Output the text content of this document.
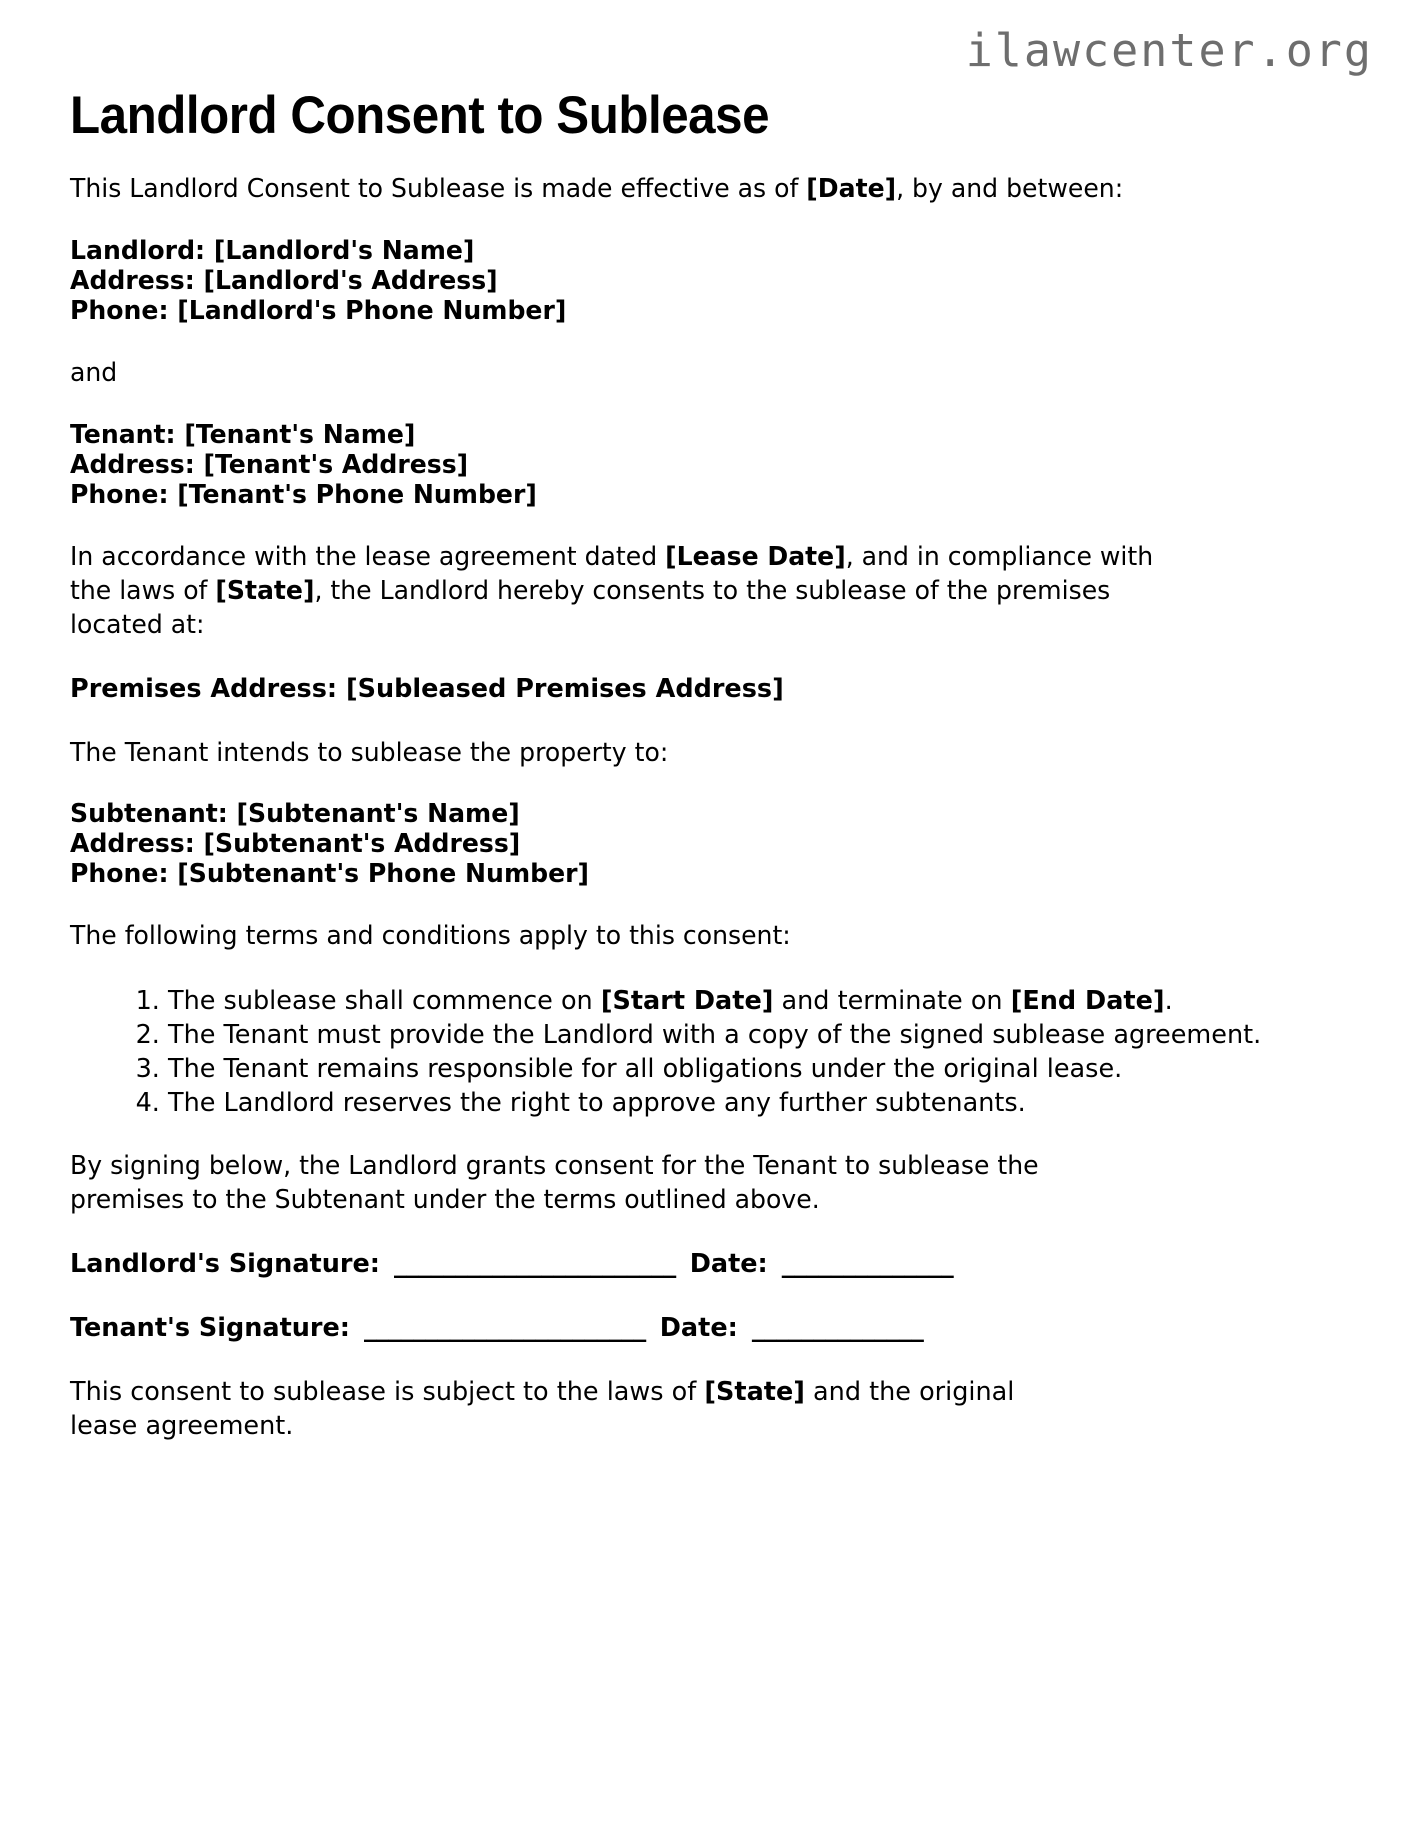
ilawcenter.org
Landlord Consent to Sublease

This Landlord Consent to Sublease is made effective as of [Date], by and between:

Landlord: [Landlord's Name]
Address: [Landlord's Address]
Phone: [Landlord's Phone Number]

and

Tenant: [Tenant's Name]
Address: [Tenant's Address]
Phone: [Tenant's Phone Number]

In accordance with the lease agreement dated [Lease Date], and in compliance with the laws of [State], the Landlord hereby consents to the sublease of the premises located at:

Premises Address: [Subleased Premises Address]

The Tenant intends to sublease the property to:

Subtenant: [Subtenant's Name]
Address: [Subtenant's Address]
Phone: [Subtenant's Phone Number]

The following terms and conditions apply to this consent:

1. The sublease shall commence on [Start Date] and terminate on [End Date].
2. The Tenant must provide the Landlord with a copy of the signed sublease agreement.
3. The Tenant remains responsible for all obligations under the original lease.
4. The Landlord reserves the right to approve any further subtenants.

By signing below, the Landlord grants consent for the Tenant to sublease the premises to the Subtenant under the terms outlined above.

Landlord's Signature: _______________________ Date: ______________

Tenant's Signature: _______________________ Date: ______________

This consent to sublease is subject to the laws of [State] and the original lease agreement.
